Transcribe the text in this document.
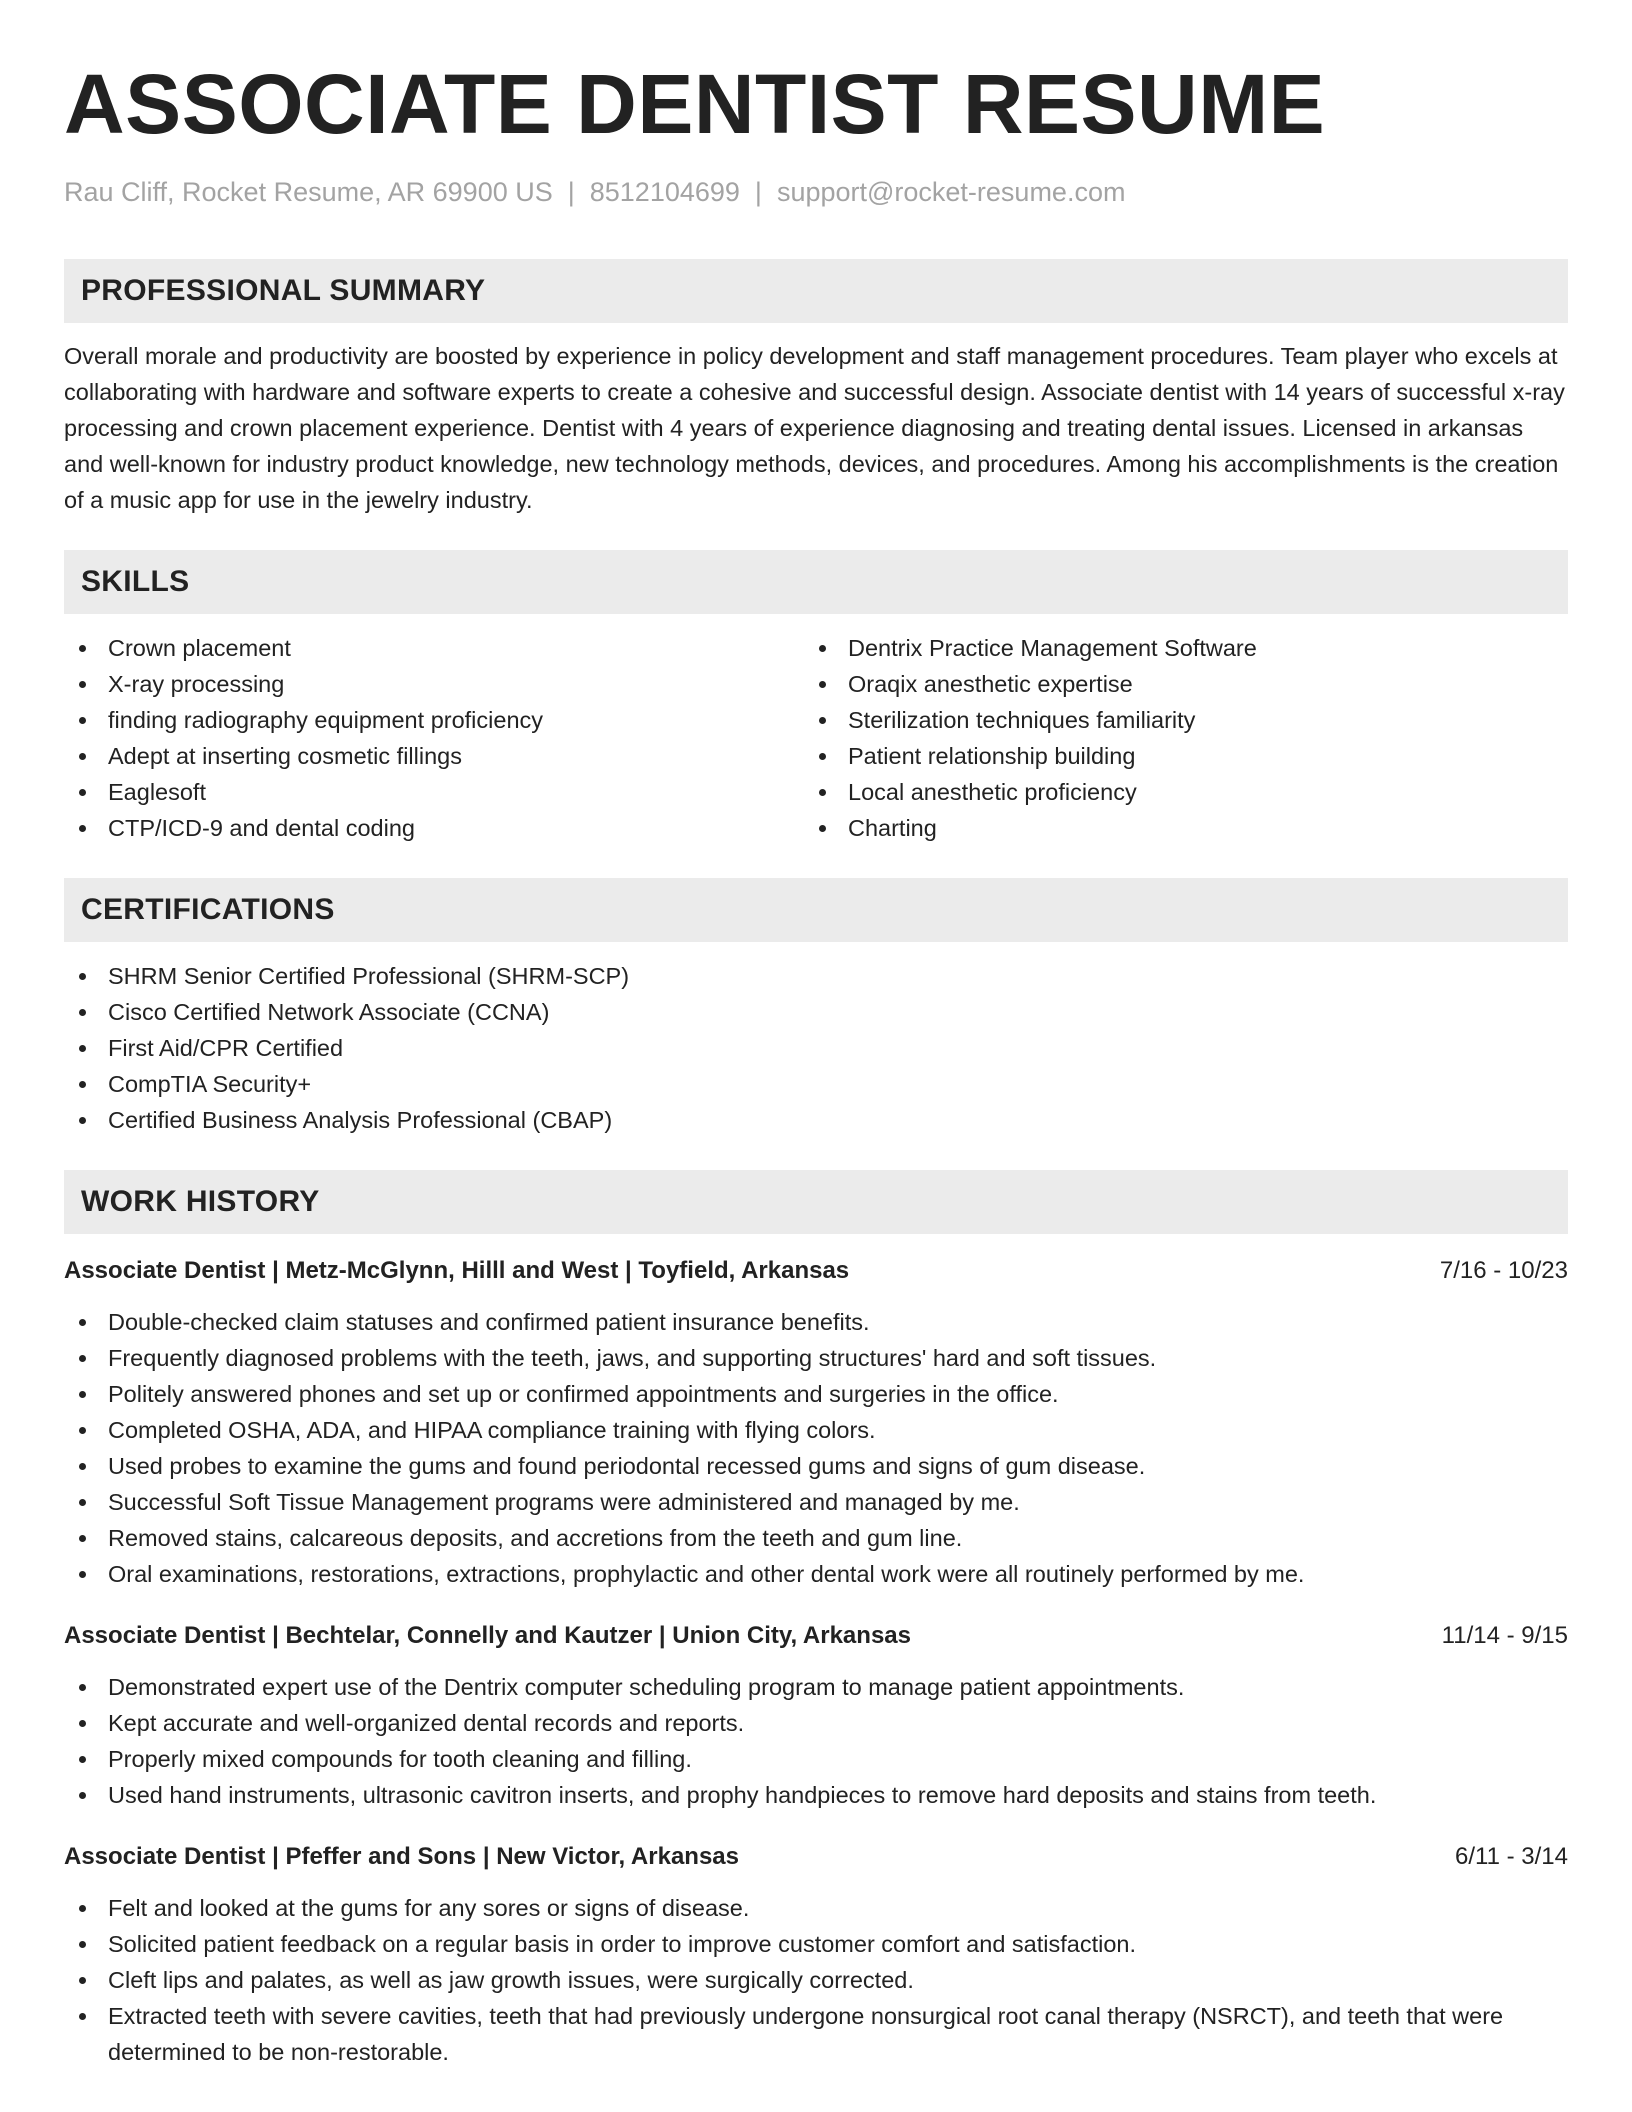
ASSOCIATE DENTIST RESUME
Rau Cliff, Rocket Resume, AR 69900 US | 8512104699 | support@rocket-resume.com
PROFESSIONAL SUMMARY

Overall morale and productivity are boosted by experience in policy development and staff management procedures. Team player who excels at collaborating with hardware and software experts to create a cohesive and successful design. Associate dentist with 14 years of successful x-ray processing and crown placement experience. Dentist with 4 years of experience diagnosing and treating dental issues. Licensed in arkansas and well-known for industry product knowledge, new technology methods, devices, and procedures. Among his accomplishments is the creation of a music app for use in the jewelry industry.

SKILLS
Crown placement
X-ray processing
finding radiography equipment proficiency
Adept at inserting cosmetic fillings
Eaglesoft
CTP/ICD-9 and dental coding
Dentrix Practice Management Software
Oraqix anesthetic expertise
Sterilization techniques familiarity
Patient relationship building
Local anesthetic proficiency
Charting
CERTIFICATIONS
SHRM Senior Certified Professional (SHRM-SCP)
Cisco Certified Network Associate (CCNA)
First Aid/CPR Certified
CompTIA Security+
Certified Business Analysis Professional (CBAP)
WORK HISTORY
Associate Dentist | Metz-McGlynn, Hilll and West | Toyfield, Arkansas	7/16 - 10/23
Double-checked claim statuses and confirmed patient insurance benefits.
Frequently diagnosed problems with the teeth, jaws, and supporting structures' hard and soft tissues.
Politely answered phones and set up or confirmed appointments and surgeries in the office.
Completed OSHA, ADA, and HIPAA compliance training with flying colors.
Used probes to examine the gums and found periodontal recessed gums and signs of gum disease.
Successful Soft Tissue Management programs were administered and managed by me.
Removed stains, calcareous deposits, and accretions from the teeth and gum line.
Oral examinations, restorations, extractions, prophylactic and other dental work were all routinely performed by me.
Associate Dentist | Bechtelar, Connelly and Kautzer | Union City, Arkansas	11/14 - 9/15
Demonstrated expert use of the Dentrix computer scheduling program to manage patient appointments.
Kept accurate and well-organized dental records and reports.
Properly mixed compounds for tooth cleaning and filling.
Used hand instruments, ultrasonic cavitron inserts, and prophy handpieces to remove hard deposits and stains from teeth.
Associate Dentist | Pfeffer and Sons | New Victor, Arkansas	6/11 - 3/14
Felt and looked at the gums for any sores or signs of disease.
Solicited patient feedback on a regular basis in order to improve customer comfort and satisfaction.
Cleft lips and palates, as well as jaw growth issues, were surgically corrected.
Extracted teeth with severe cavities, teeth that had previously undergone nonsurgical root canal therapy (NSRCT), and teeth that were determined to be non-restorable.
